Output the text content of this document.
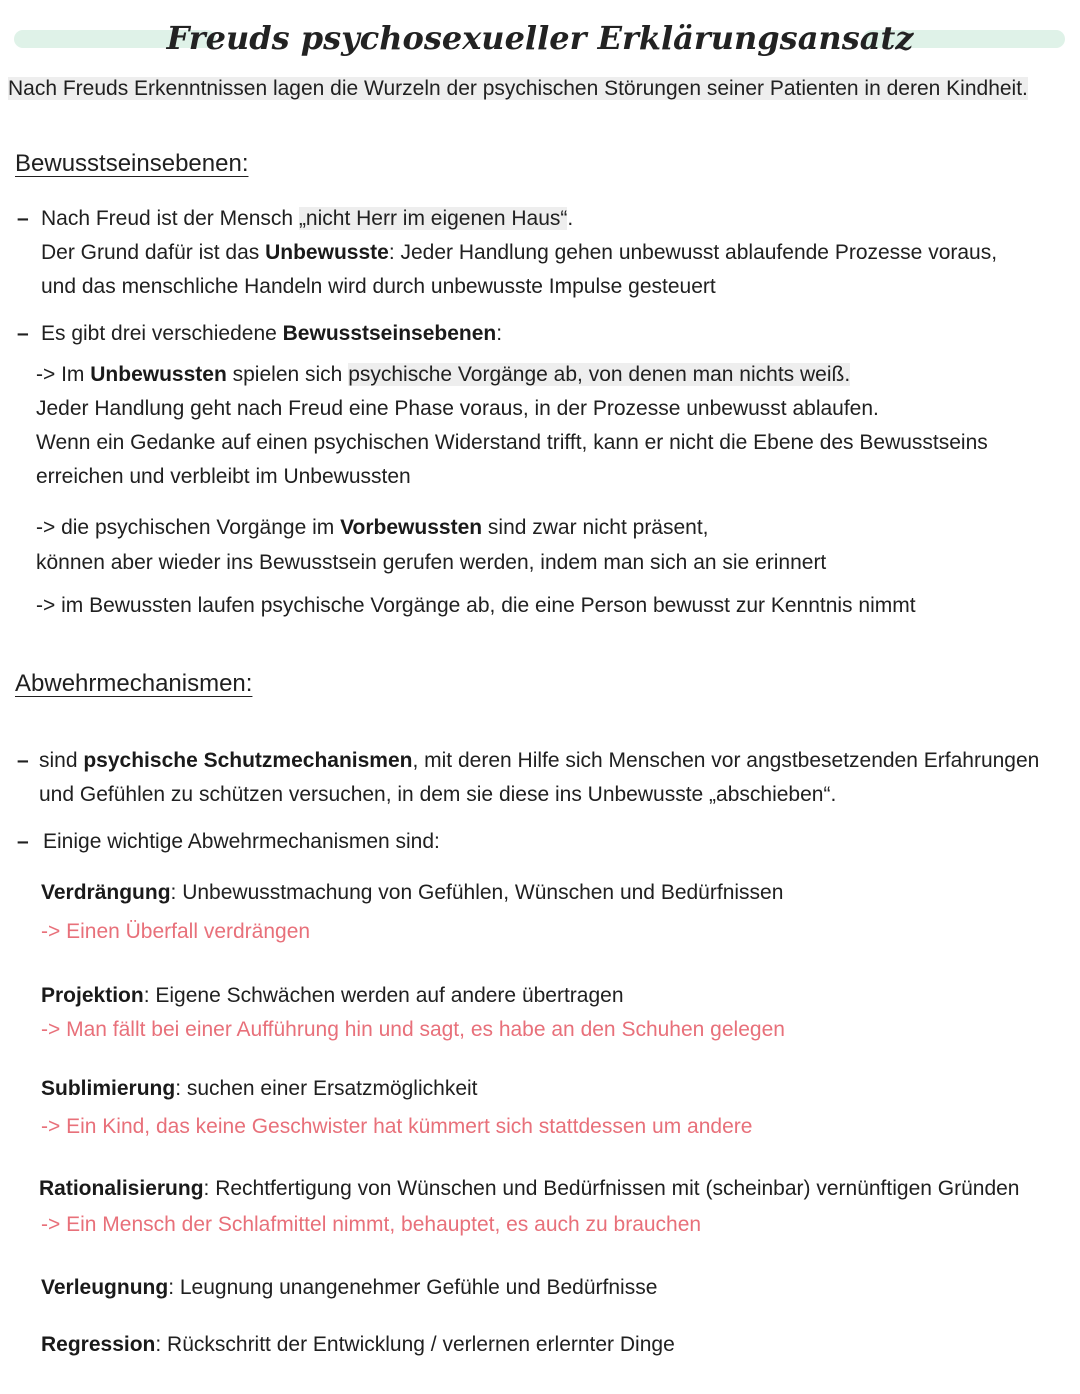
Freuds psychosexueller Erklärungsansatz
Nach Freuds Erkenntnissen lagen die Wurzeln der psychischen Störungen seiner Patienten in deren Kindheit.
Bewusstseinsebenen:
– Nach Freud ist der Mensch „nicht Herr im eigenen Haus“.
Der Grund dafür ist das Unbewusste: Jeder Handlung gehen unbewusst ablaufende Prozesse voraus,
und das menschliche Handeln wird durch unbewusste Impulse gesteuert
– Es gibt drei verschiedene Bewusstseinsebenen:
-> Im Unbewussten spielen sich psychische Vorgänge ab, von denen man nichts weiß.
Jeder Handlung geht nach Freud eine Phase voraus, in der Prozesse unbewusst ablaufen.
Wenn ein Gedanke auf einen psychischen Widerstand trifft, kann er nicht die Ebene des Bewusstseins
erreichen und verbleibt im Unbewussten
-> die psychischen Vorgänge im Vorbewussten sind zwar nicht präsent,
können aber wieder ins Bewusstsein gerufen werden, indem man sich an sie erinnert
-> im Bewussten laufen psychische Vorgänge ab, die eine Person bewusst zur Kenntnis nimmt
Abwehrmechanismen:
– sind psychische Schutzmechanismen, mit deren Hilfe sich Menschen vor angstbesetzenden Erfahrungen
und Gefühlen zu schützen versuchen, in dem sie diese ins Unbewusste „abschieben“.
– Einige wichtige Abwehrmechanismen sind:
Verdrängung: Unbewusstmachung von Gefühlen, Wünschen und Bedürfnissen
-> Einen Überfall verdrängen
Projektion: Eigene Schwächen werden auf andere übertragen
-> Man fällt bei einer Aufführung hin und sagt, es habe an den Schuhen gelegen
Sublimierung: suchen einer Ersatzmöglichkeit
-> Ein Kind, das keine Geschwister hat kümmert sich stattdessen um andere
Rationalisierung: Rechtfertigung von Wünschen und Bedürfnissen mit (scheinbar) vernünftigen Gründen
-> Ein Mensch der Schlafmittel nimmt, behauptet, es auch zu brauchen
Verleugnung: Leugnung unangenehmer Gefühle und Bedürfnisse
Regression: Rückschritt der Entwicklung / verlernen erlernter Dinge
